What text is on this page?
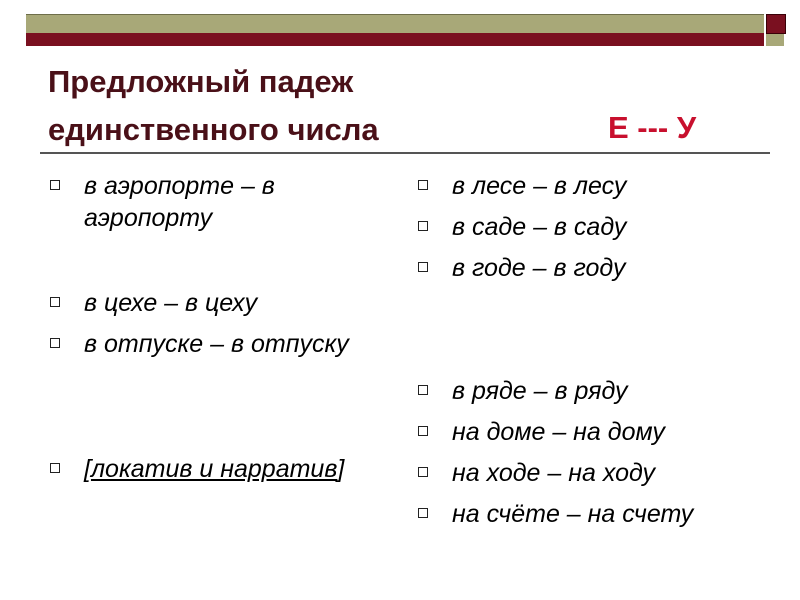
Предложный падеж
единственного числа	Е --- У
в аэропорте – в
аэропорту
в цехе – в цеху
в отпуске – в отпуску
[локатив и нарратив]
в лесе – в лесу
в саде – в саду
в годе – в году
в ряде – в ряду
на доме – на дому
на ходе – на ходу
на счёте – на счету
